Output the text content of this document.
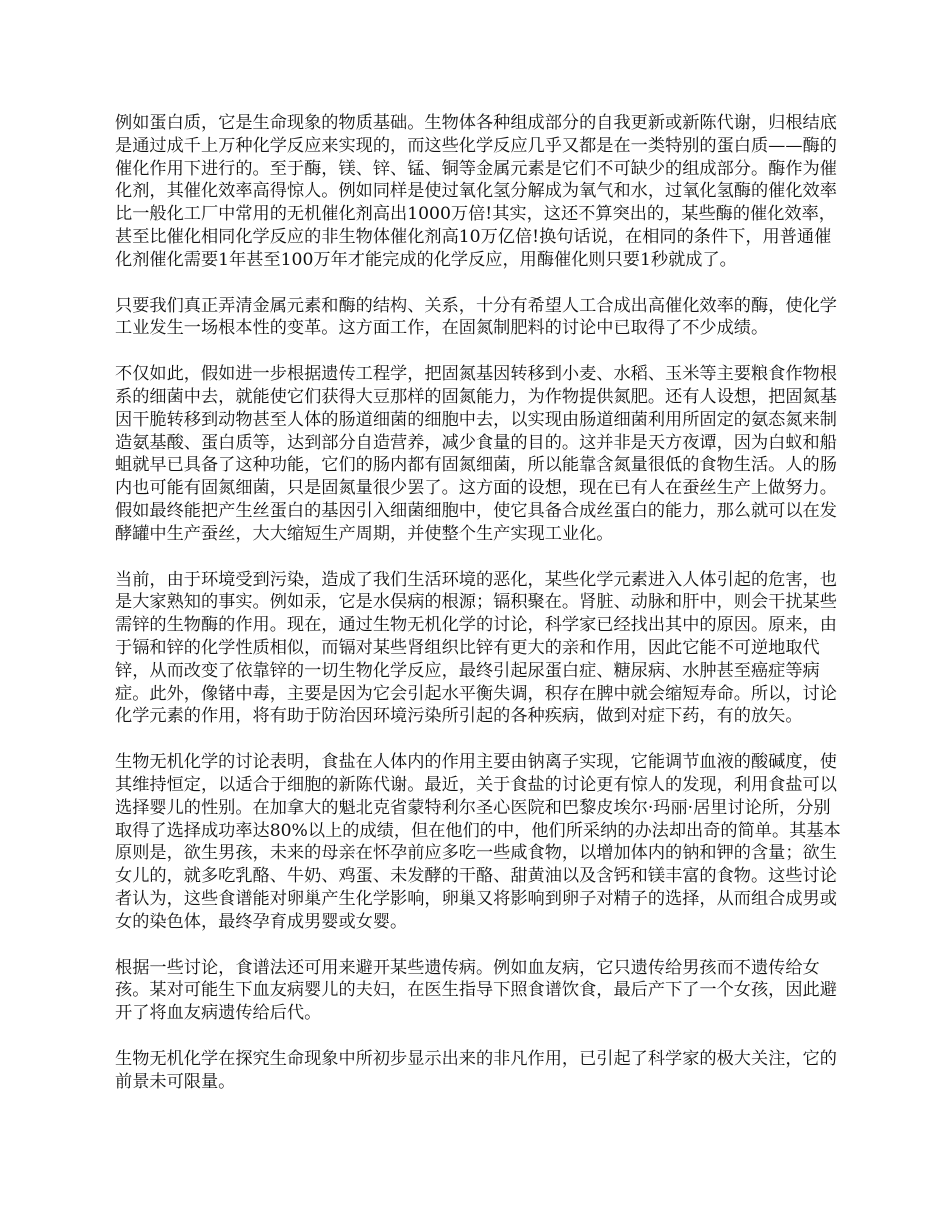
例如蛋白质，它是生命现象的物质基础。生物体各种组成部分的自我更新或新陈代谢，归根结底是通过成千上万种化学反应来实现的，而这些化学反应几乎又都是在一类特别的蛋白质——酶的催化作用下进行的。至于酶，镁、锌、锰、铜等金属元素是它们不可缺少的组成部分。酶作为催化剂，其催化效率高得惊人。例如同样是使过氧化氢分解成为氧气和水，过氧化氢酶的催化效率比一般化工厂中常用的无机催化剂高出1000万倍!其实，这还不算突出的，某些酶的催化效率，甚至比催化相同化学反应的非生物体催化剂高10万亿倍!换句话说，在相同的条件下，用普通催化剂催化需要1年甚至100万年才能完成的化学反应，用酶催化则只要1秒就成了。

只要我们真正弄清金属元素和酶的结构、关系，十分有希望人工合成出高催化效率的酶，使化学工业发生一场根本性的变革。这方面工作，在固氮制肥料的讨论中已取得了不少成绩。

不仅如此，假如进一步根据遗传工程学，把固氮基因转移到小麦、水稻、玉米等主要粮食作物根系的细菌中去，就能使它们获得大豆那样的固氮能力，为作物提供氮肥。还有人设想，把固氮基因干脆转移到动物甚至人体的肠道细菌的细胞中去，以实现由肠道细菌利用所固定的氨态氮来制造氨基酸、蛋白质等，达到部分自造营养，减少食量的目的。这并非是天方夜谭，因为白蚁和船蛆就早已具备了这种功能，它们的肠内都有固氮细菌，所以能靠含氮量很低的食物生活。人的肠内也可能有固氮细菌，只是固氮量很少罢了。这方面的设想，现在已有人在蚕丝生产上做努力。假如最终能把产生丝蛋白的基因引入细菌细胞中，使它具备合成丝蛋白的能力，那么就可以在发酵罐中生产蚕丝，大大缩短生产周期，并使整个生产实现工业化。

当前，由于环境受到污染，造成了我们生活环境的恶化，某些化学元素进入人体引起的危害，也是大家熟知的事实。例如汞，它是水俣病的根源；镉积聚在。肾脏、动脉和肝中，则会干扰某些需锌的生物酶的作用。现在，通过生物无机化学的讨论，科学家已经找出其中的原因。原来，由于镉和锌的化学性质相似，而镉对某些肾组织比锌有更大的亲和作用，因此它能不可逆地取代锌，从而改变了依靠锌的一切生物化学反应，最终引起尿蛋白症、糖尿病、水肿甚至癌症等病症。此外，像锗中毒，主要是因为它会引起水平衡失调，积存在脾中就会缩短寿命。所以，讨论化学元素的作用，将有助于防治因环境污染所引起的各种疾病，做到对症下药，有的放矢。

生物无机化学的讨论表明，食盐在人体内的作用主要由钠离子实现，它能调节血液的酸碱度，使其维持恒定，以适合于细胞的新陈代谢。最近，关于食盐的讨论更有惊人的发现，利用食盐可以选择婴儿的性别。在加拿大的魁北克省蒙特利尔圣心医院和巴黎皮埃尔·玛丽·居里讨论所，分别取得了选择成功率达80%以上的成绩，但在他们的中，他们所采纳的办法却出奇的简单。其基本原则是，欲生男孩，未来的母亲在怀孕前应多吃一些咸食物，以增加体内的钠和钾的含量；欲生女儿的，就多吃乳酪、牛奶、鸡蛋、未发酵的干酪、甜黄油以及含钙和镁丰富的食物。这些讨论者认为，这些食谱能对卵巢产生化学影响，卵巢又将影响到卵子对精子的选择，从而组合成男或女的染色体，最终孕育成男婴或女婴。

根据一些讨论，食谱法还可用来避开某些遗传病。例如血友病，它只遗传给男孩而不遗传给女孩。某对可能生下血友病婴儿的夫妇，在医生指导下照食谱饮食，最后产下了一个女孩，因此避开了将血友病遗传给后代。

生物无机化学在探究生命现象中所初步显示出来的非凡作用，已引起了科学家的极大关注，它的前景未可限量。
